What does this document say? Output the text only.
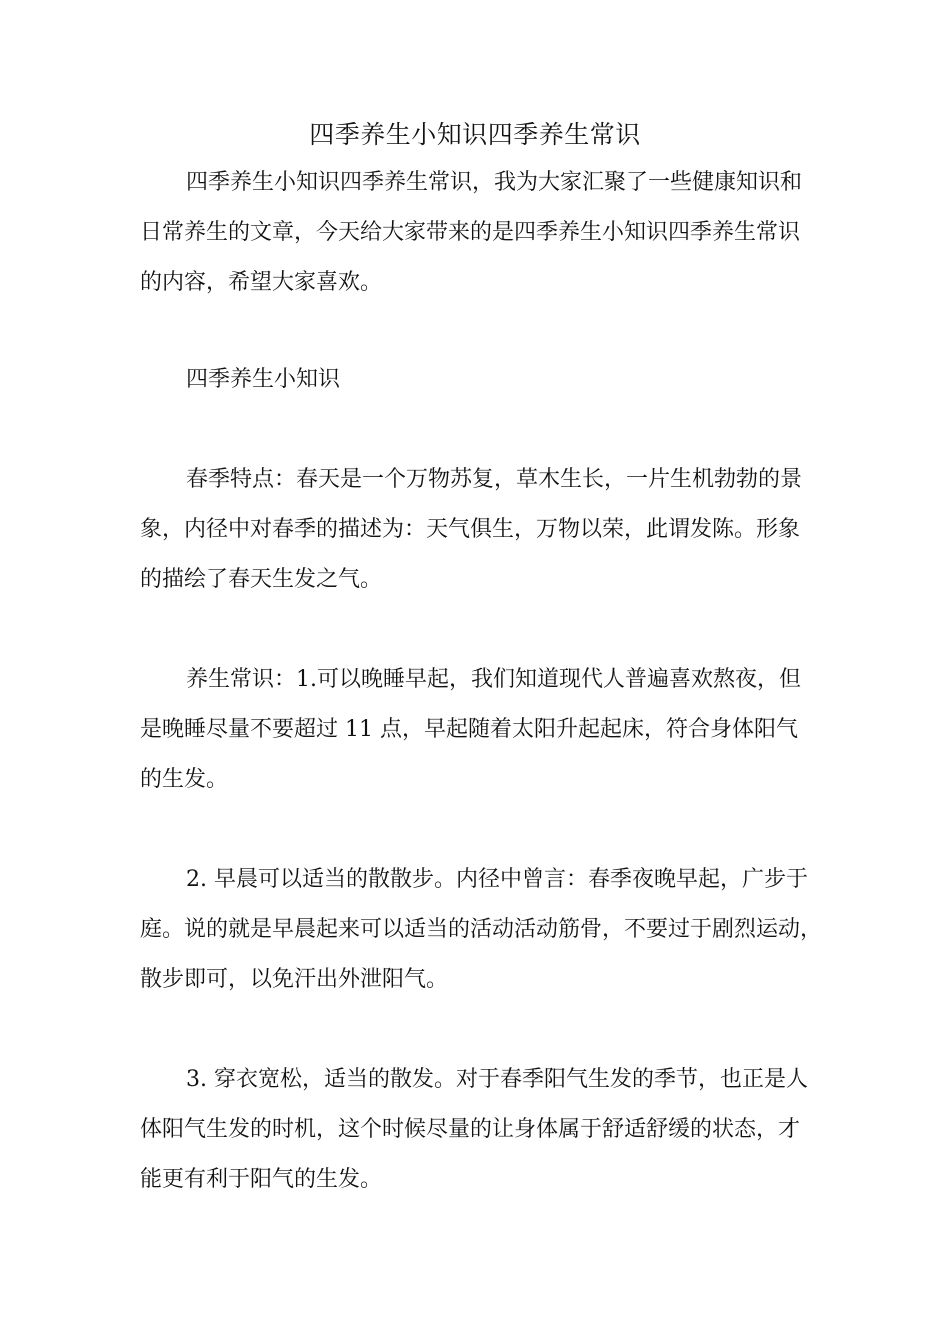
四季养生小知识四季养生常识
四季养生小知识四季养生常识，我为大家汇聚了一些健康知识和
日常养生的文章，今天给大家带来的是四季养生小知识四季养生常识
的内容，希望大家喜欢。
四季养生小知识
春季特点：春天是一个万物苏复，草木生长，一片生机勃勃的景
象，内径中对春季的描述为：天气俱生，万物以荣，此谓发陈。形象
的描绘了春天生发之气。
养生常识：1.可以晚睡早起，我们知道现代人普遍喜欢熬夜，但
是晚睡尽量不要超过 11 点，早起随着太阳升起起床，符合身体阳气
的生发。
2. 早晨可以适当的散散步。内径中曾言：春季夜晚早起，广步于
庭。说的就是早晨起来可以适当的活动活动筋骨，不要过于剧烈运动，
散步即可，以免汗出外泄阳气。
3. 穿衣宽松，适当的散发。对于春季阳气生发的季节，也正是人
体阳气生发的时机，这个时候尽量的让身体属于舒适舒缓的状态，才
能更有利于阳气的生发。
